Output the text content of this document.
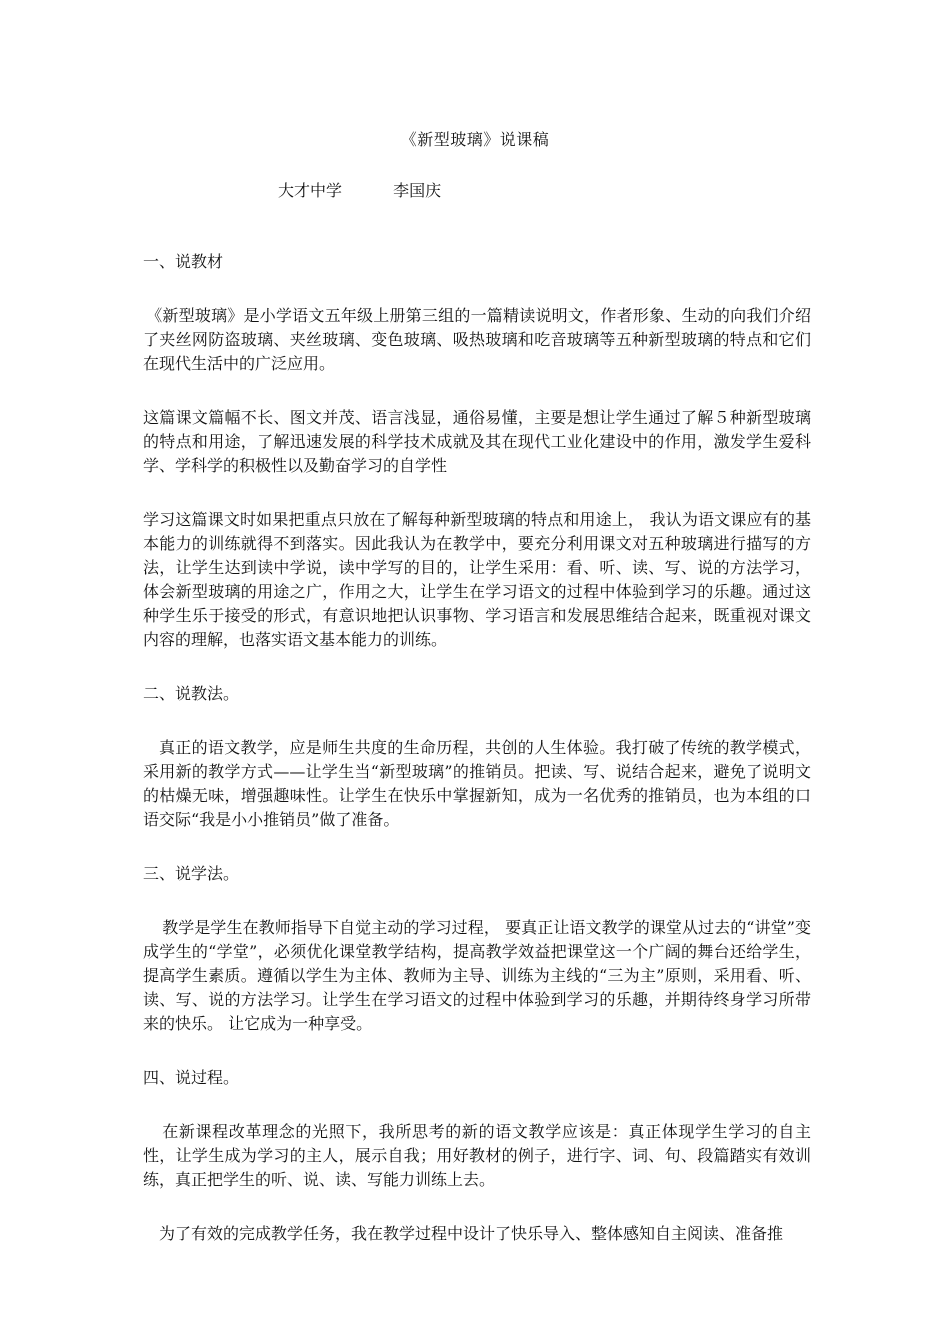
《新型玻璃》说课稿
大才中学	李国庆
一、说教材
《新型玻璃》是小学语文五年级上册第三组的一篇精读说明文，作者形象、生动的向我们介绍了夹丝网防盗玻璃、夹丝玻璃、变色玻璃、吸热玻璃和吃音玻璃等五种新型玻璃的特点和它们在现代生活中的广泛应用。
这篇课文篇幅不长、图文并茂、语言浅显，通俗易懂，主要是想让学生通过了解５种新型玻璃的特点和用途，了解迅速发展的科学技术成就及其在现代工业化建设中的作用，激发学生爱科学、学科学的积极性以及勤奋学习的自学性
学习这篇课文时如果把重点只放在了解每种新型玻璃的特点和用途上， 我认为语文课应有的基本能力的训练就得不到落实。因此我认为在教学中，要充分利用课文对五种玻璃进行描写的方法，让学生达到读中学说，读中学写的目的，让学生采用：看、听、读、写、说的方法学习，体会新型玻璃的用途之广，作用之大，让学生在学习语文的过程中体验到学习的乐趣。通过这种学生乐于接受的形式，有意识地把认识事物、学习语言和发展思维结合起来，既重视对课文内容的理解，也落实语文基本能力的训练。
二、说教法。
真正的语文教学，应是师生共度的生命历程，共创的人生体验。我打破了传统的教学模式，采用新的教学方式——让学生当“新型玻璃”的推销员。把读、写、说结合起来，避免了说明文的枯燥无味，增强趣味性。让学生在快乐中掌握新知，成为一名优秀的推销员，也为本组的口语交际“我是小小推销员”做了准备。
三、说学法。
教学是学生在教师指导下自觉主动的学习过程， 要真正让语文教学的课堂从过去的“讲堂”变成学生的“学堂”，必须优化课堂教学结构，提高教学效益把课堂这一个广阔的舞台还给学生，提高学生素质。遵循以学生为主体、教师为主导、训练为主线的“三为主”原则，采用看、听、读、写、说的方法学习。让学生在学习语文的过程中体验到学习的乐趣，并期待终身学习所带来的快乐。 让它成为一种享受。
四、说过程。
在新课程改革理念的光照下，我所思考的新的语文教学应该是：真正体现学生学习的自主性，让学生成为学习的主人，展示自我；用好教材的例子，进行字、词、句、段篇踏实有效训练，真正把学生的听、说、读、写能力训练上去。
为了有效的完成教学任务，我在教学过程中设计了快乐导入、整体感知自主阅读、准备推
